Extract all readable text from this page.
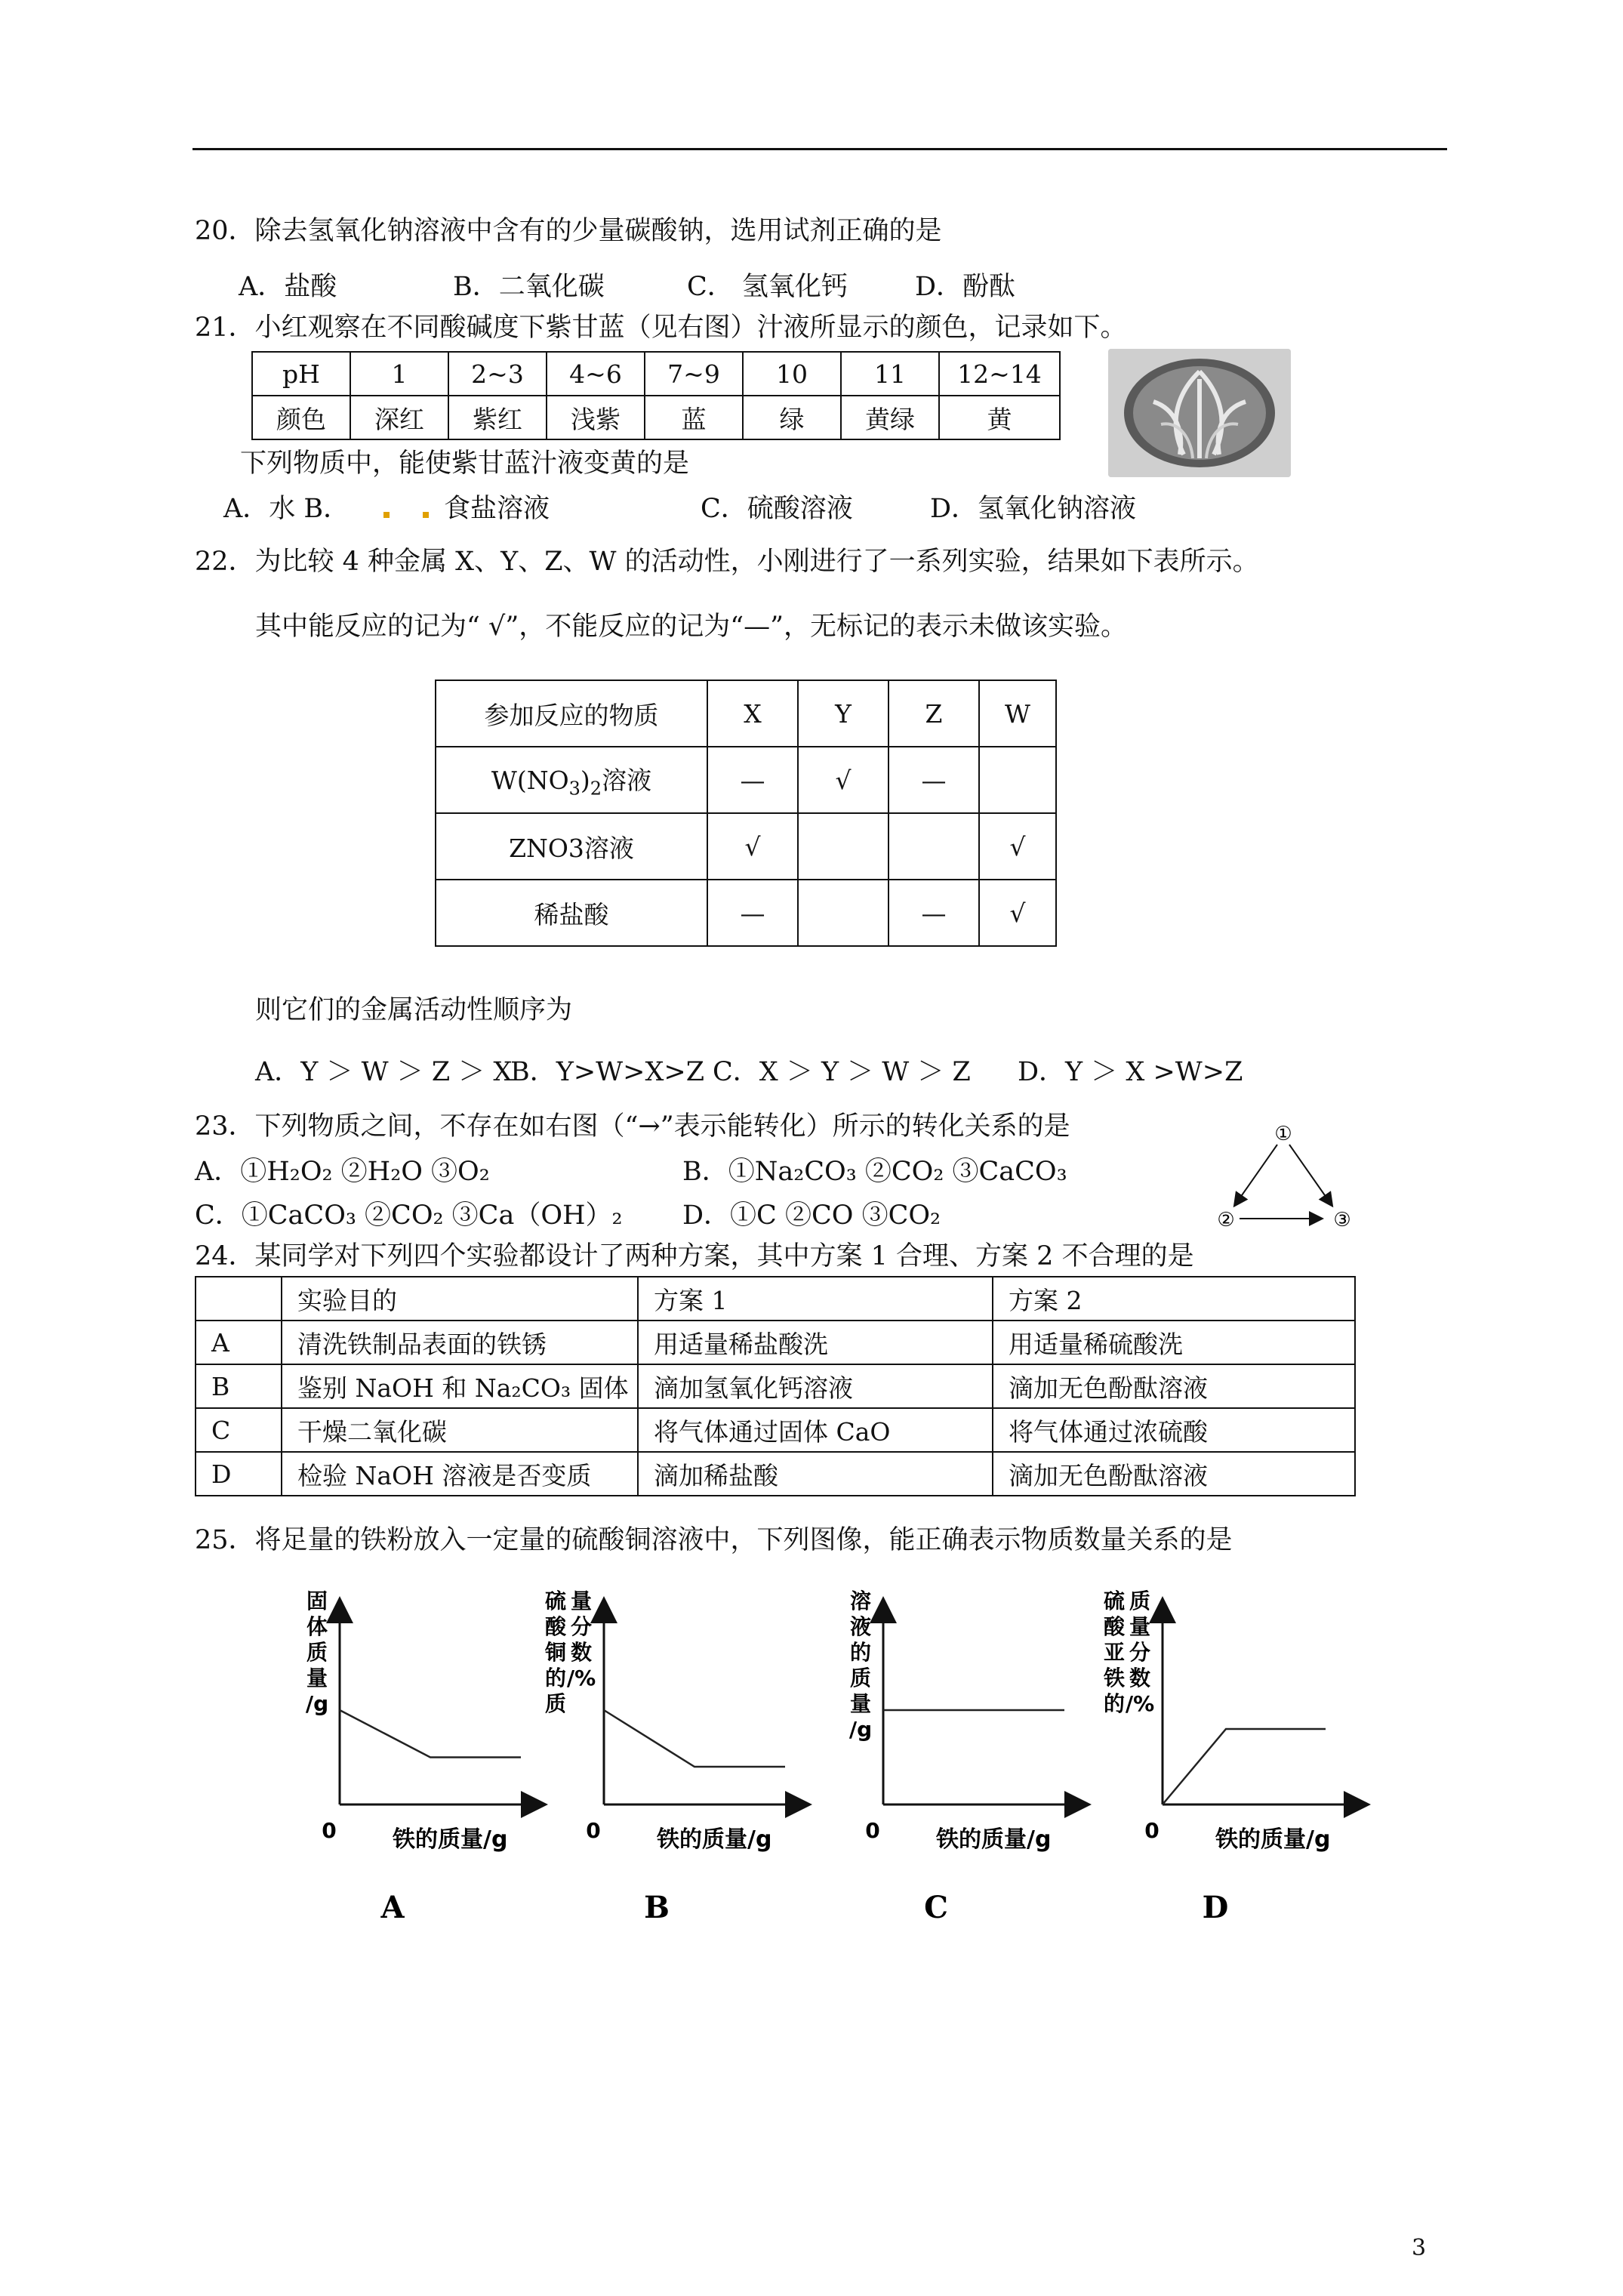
20．除去氢氧化钠溶液中含有的少量碳酸钠，选用试剂正确的是
A．盐酸	B．二氧化碳	C． 氢氧化钙	D．酚酞
21．小红观察在不同酸碱度下紫甘蓝（见右图）汁液所显示的颜色，记录如下。
pH	1	2~3	4~6	7~9	10	11	12~14
颜色	深红	紫红	浅紫	蓝	绿	黄绿	黄
下列物质中，能使紫甘蓝汁液变黄的是
A．水 B．	食盐溶液	C．硫酸溶液	D．氢氧化钠溶液
22．为比较 4 种金属 X、Y、Z、W 的活动性，小刚进行了一系列实验，结果如下表所示。
其中能反应的记为“ √”，不能反应的记为“—”，无标记的表示未做该实验。
参加反应的物质	X	Y	Z	W
$W(NO_3)_2$溶液	—	√	—	
ZNO3溶液	√			√
稀盐酸	—		—	√
则它们的金属活动性顺序为
A．Y ＞ W ＞ Z ＞ X
B．Y>W>X>Z C．X ＞ Y ＞ W ＞ Z D．Y ＞ X >W>Z
23．下列物质之间，不存在如右图（“→”表示能转化）所示的转化关系的是
A．①H₂O₂ ②H₂O ③O₂	B．①Na₂CO₃ ②CO₂ ③CaCO₃
C．①CaCO₃ ②CO₂ ③Ca（OH）₂ D．①C ②CO ③CO₂
①
②	③
24．某同学对下列四个实验都设计了两种方案，其中方案 1 合理、方案 2 不合理的是
	实验目的	方案 1	方案 2
A	清洗铁制品表面的铁锈	用适量稀盐酸洗	用适量稀硫酸洗
B	鉴别 NaOH 和 Na₂CO₃ 固体	滴加氢氧化钙溶液	滴加无色酚酞溶液
C	干燥二氧化碳	将气体通过固体 CaO	将气体通过浓硫酸
D	检验 NaOH 溶液是否变质	滴加稀盐酸	滴加无色酚酞溶液
25．将足量的铁粉放入一定量的硫酸铜溶液中，下列图像，能正确表示物质数量关系的是
0 铁的质量/g
固
体
质
量
/g
A
0 铁的质量/g
硫
酸
铜
的
质
量
分
数
/%
B
0 铁的质量/g
溶
液
的
质
量
/g
C
0 铁的质量/g
硫
酸
亚
铁
的
质
量
分
数
/%
D
3
